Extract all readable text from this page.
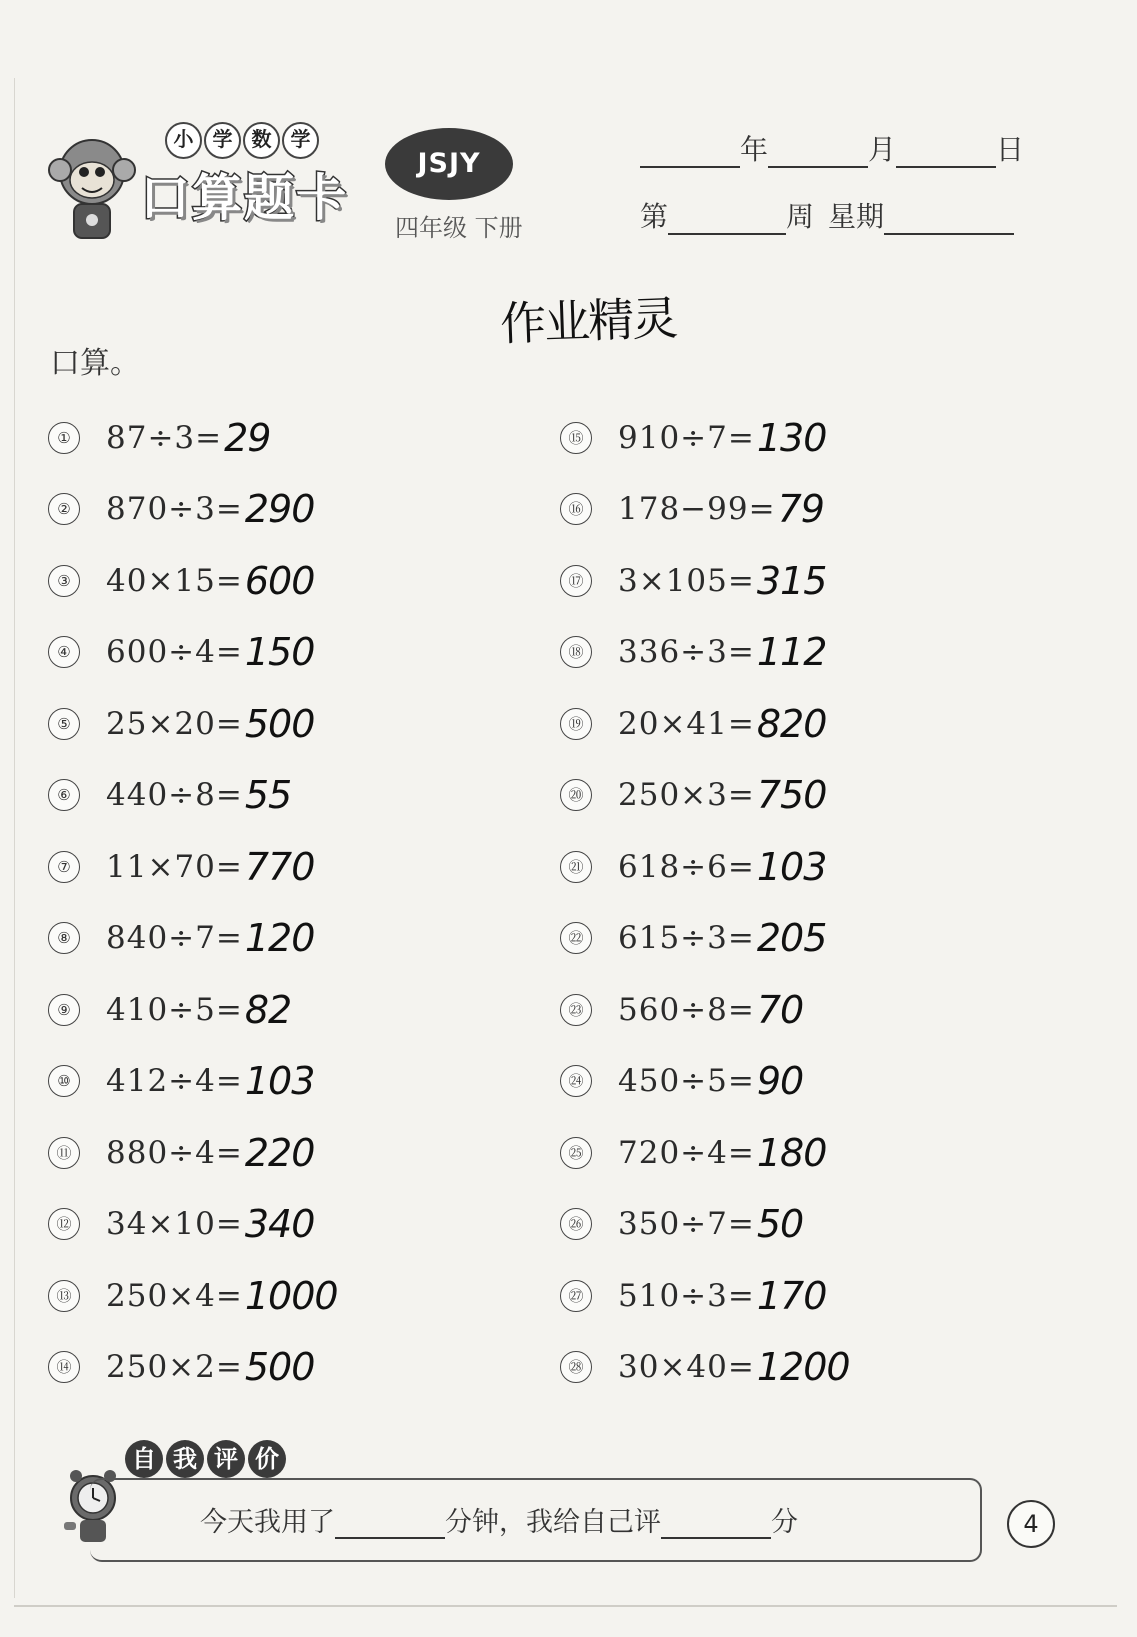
小 学 数 学
口算题卡
JSJY
四年级 下册
年	月	日
第	周 星期
作业精灵
口算。
① 87÷3= 29
② 870÷3= 290
③ 40×15= 600
④ 600÷4= 150
⑤ 25×20= 500
⑥ 440÷8= 55
⑦ 11×70= 770
⑧ 840÷7= 120
⑨ 410÷5= 82
⑩ 412÷4= 103
⑪ 880÷4= 220
⑫ 34×10= 340
⑬ 250×4= 1000
⑭ 250×2= 500
⑮ 910÷7= 130
⑯ 178−99= 79
⑰ 3×105= 315
⑱ 336÷3= 112
⑲ 20×41= 820
⑳ 250×3= 750
㉑ 618÷6= 103
㉒ 615÷3= 205
㉓ 560÷8= 70
㉔ 450÷5= 90
㉕ 720÷4= 180
㉖ 350÷7= 50
㉗ 510÷3= 170
㉘ 30×40= 1200
自 我 评 价
今天我用了	分钟，我给自己评	分	4
